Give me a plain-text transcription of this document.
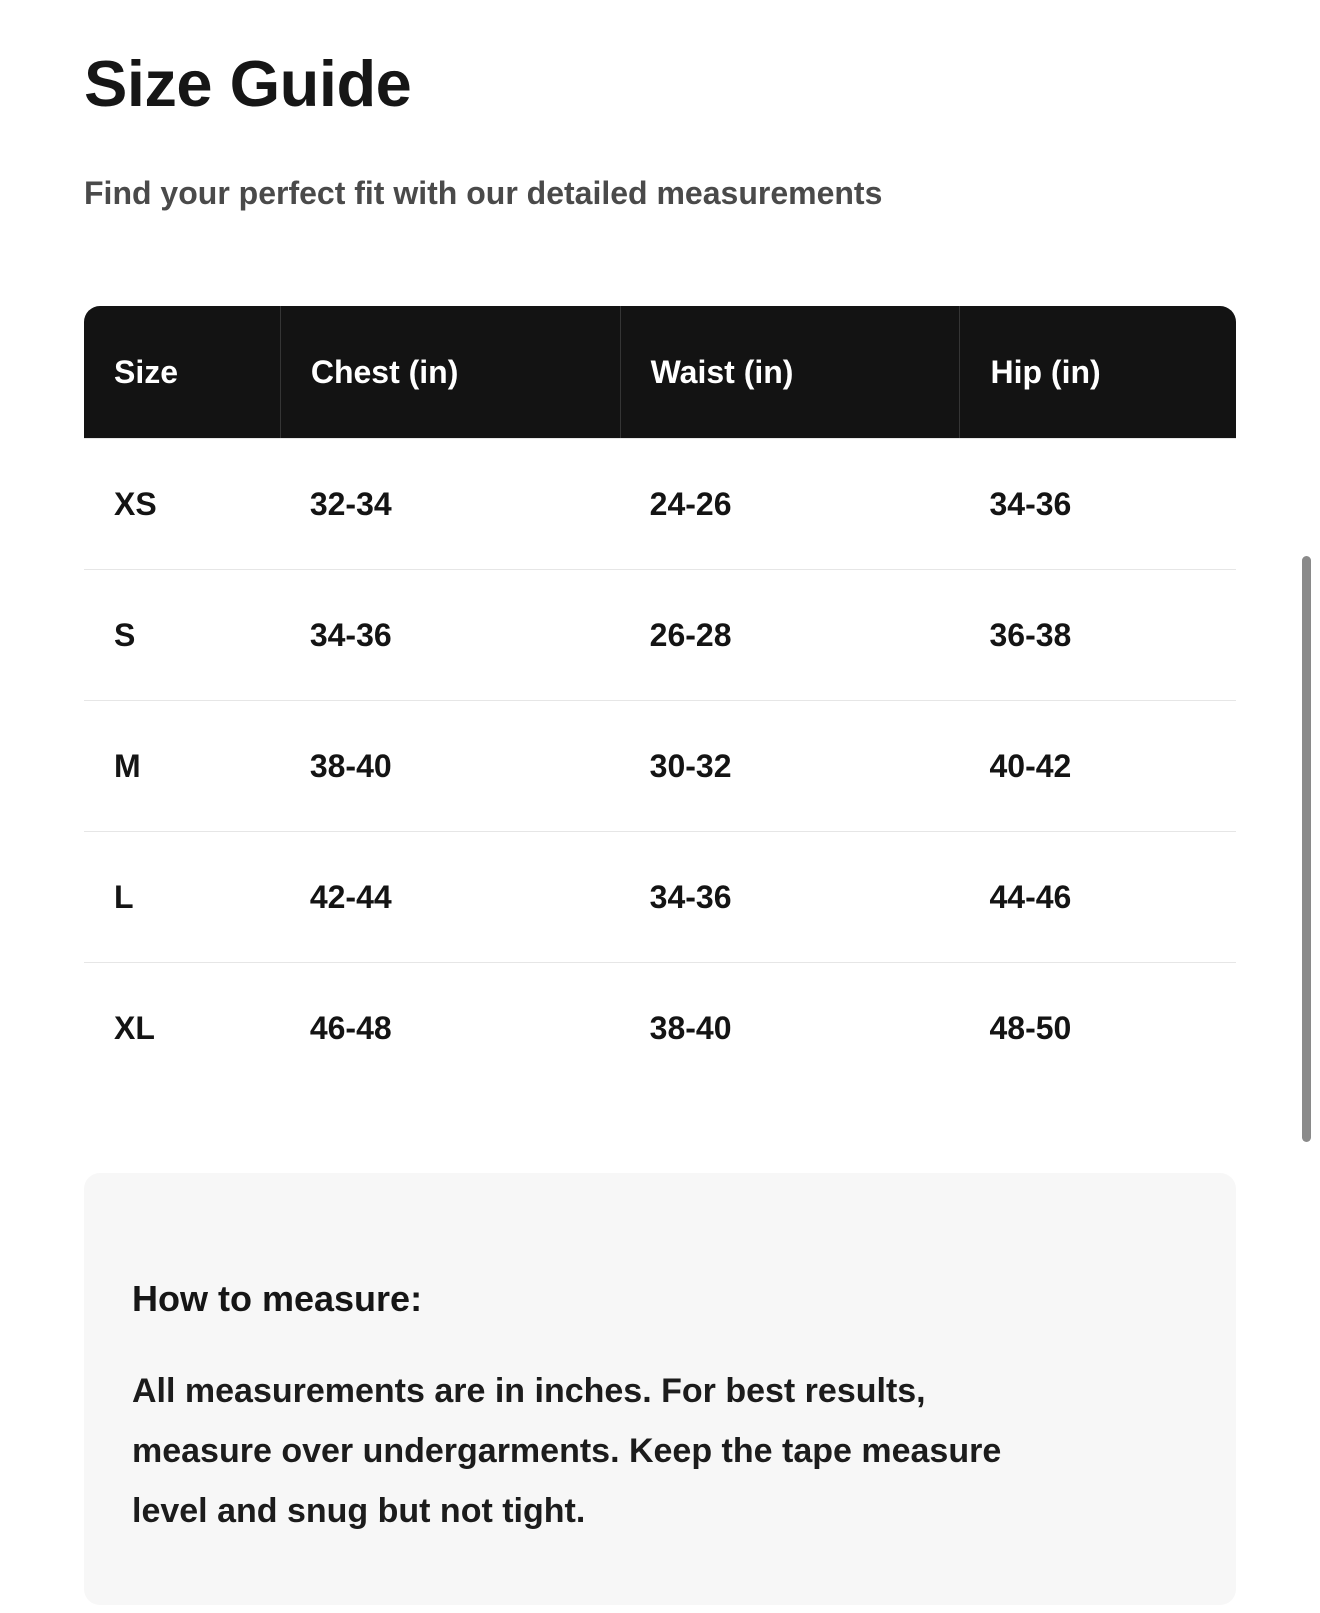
Size Guide
Find your perfect fit with our detailed measurements
Size	Chest (in)	Waist (in)	Hip (in)
XS	32-34	24-26	34-36
S	34-36	26-28	36-38
M	38-40	30-32	40-42
L	42-44	34-36	44-46
XL	46-48	38-40	48-50
How to measure:
All measurements are in inches. For best results,
measure over undergarments. Keep the tape measure
level and snug but not tight.
